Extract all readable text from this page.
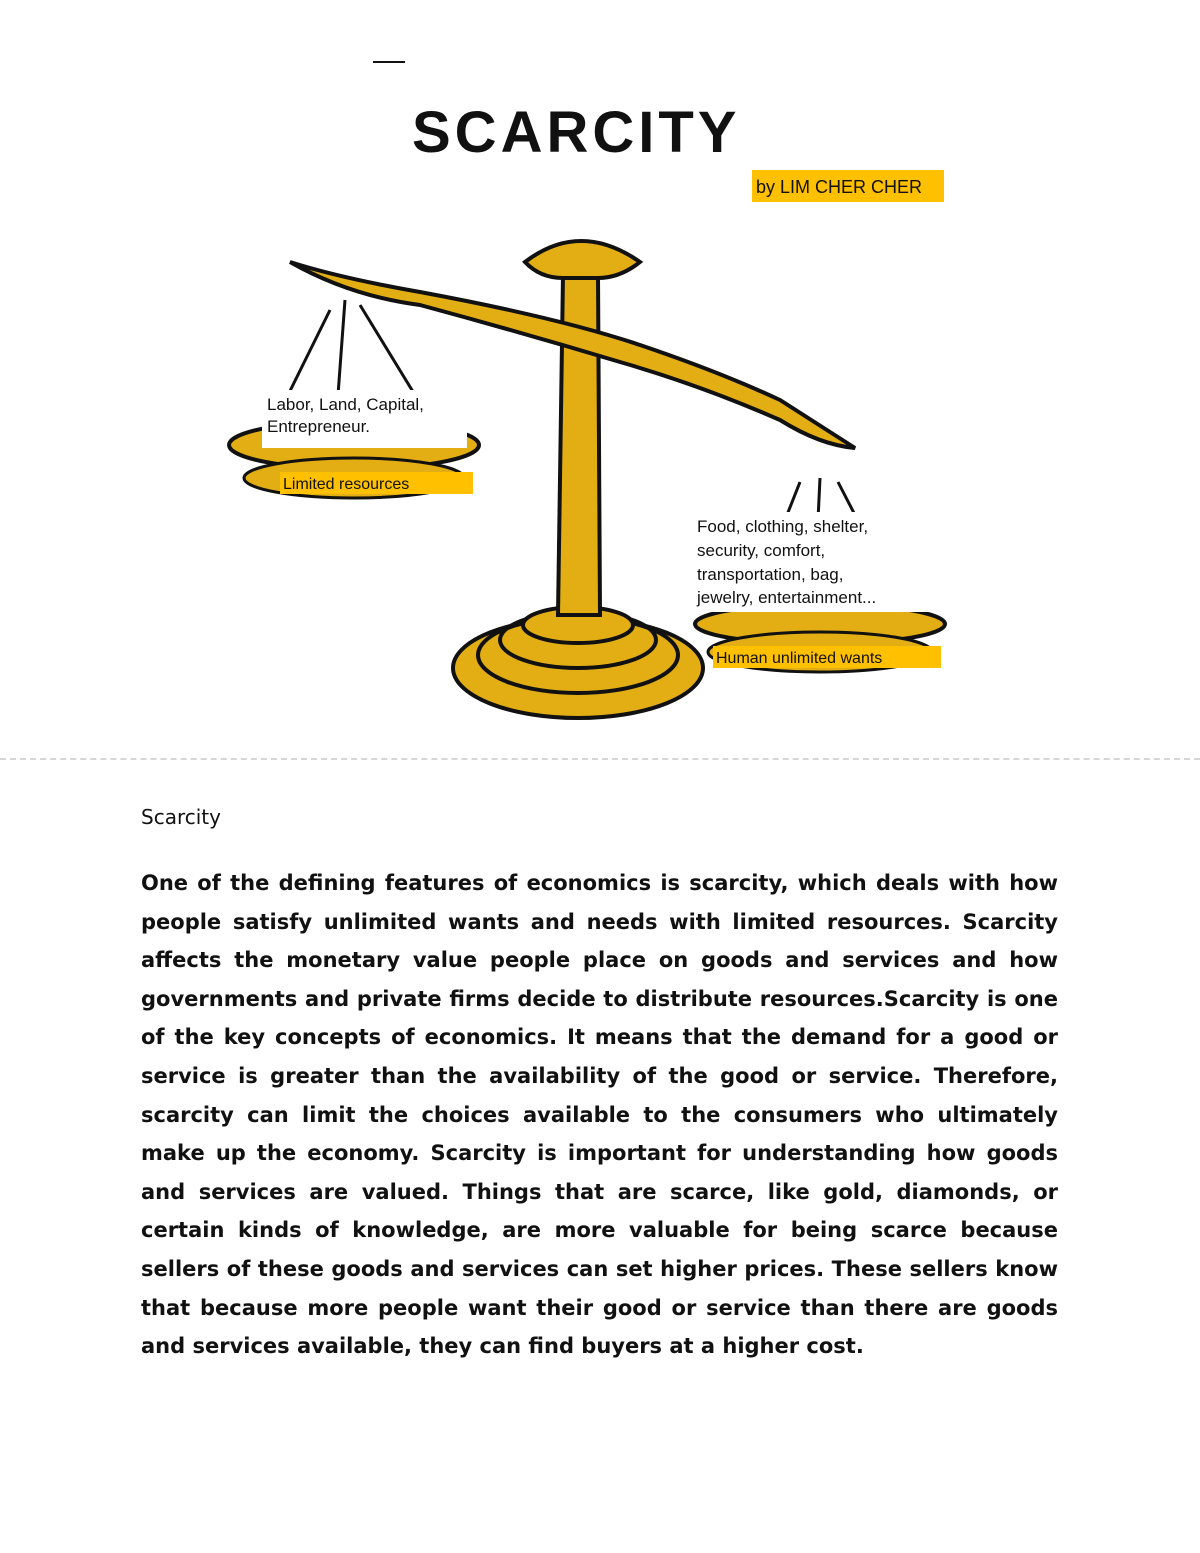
SCARCITY
by LIM CHER CHER
Labor, Land, Capital,
Entrepreneur.
Limited resources
Food, clothing, shelter,
security, comfort,
transportation, bag,
jewelry, entertainment...
Human unlimited wants

Scarcity

One of the defining features of economics is scarcity, which deals with how people satisfy unlimited wants and needs with limited resources. Scarcity affects the monetary value people place on goods and services and how governments and private firms decide to distribute resources.Scarcity is one of the key concepts of economics. It means that the demand for a good or service is greater than the availability of the good or service. Therefore, scarcity can limit the choices available to the consumers who ultimately make up the economy. Scarcity is important for understanding how goods and services are valued. Things that are scarce, like gold, diamonds, or certain kinds of knowledge, are more valuable for being scarce because sellers of these goods and services can set higher prices. These sellers know that because more people want their good or service than there are goods and services available, they can find buyers at a higher cost.
